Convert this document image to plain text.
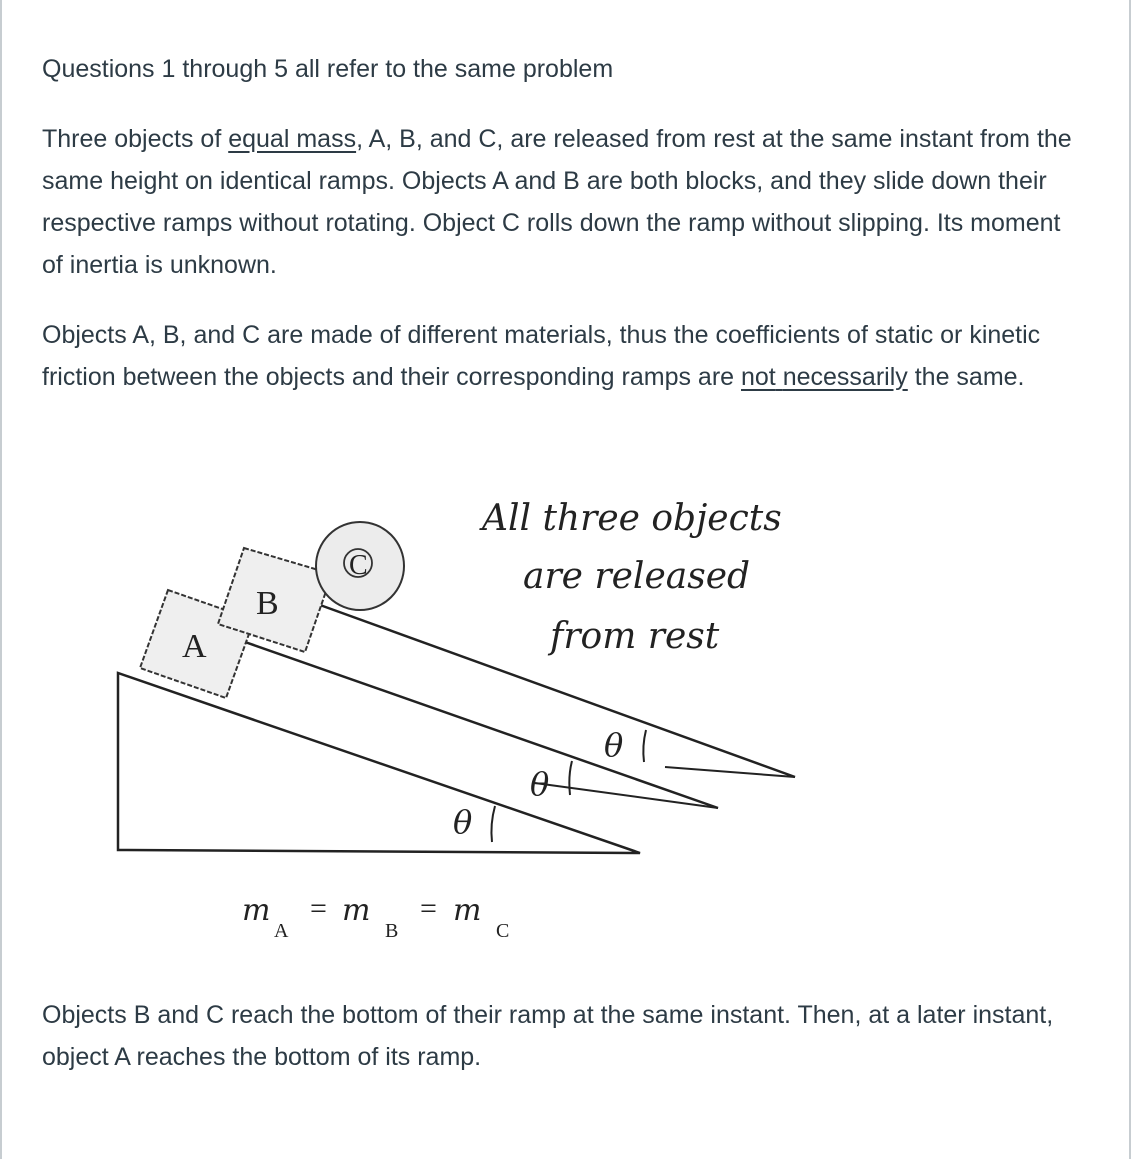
Questions 1 through 5 all refer to the same problem

Three objects of equal mass, A, B, and C, are released from rest at the same instant from the same height on identical ramps. Objects A and B are both blocks, and they slide down their respective ramps without rotating. Object C rolls down the ramp without slipping. Its moment of inertia is unknown.

Objects A, B, and C are made of different materials, thus the coefficients of static or kinetic friction between the objects and their corresponding ramps are not necessarily the same.

A
B
C
θ
θ
θ
All three objects
are released
from rest
m
A
= m
B
= m
C

Objects B and C reach the bottom of their ramp at the same instant. Then, at a later instant, object A reaches the bottom of its ramp.
